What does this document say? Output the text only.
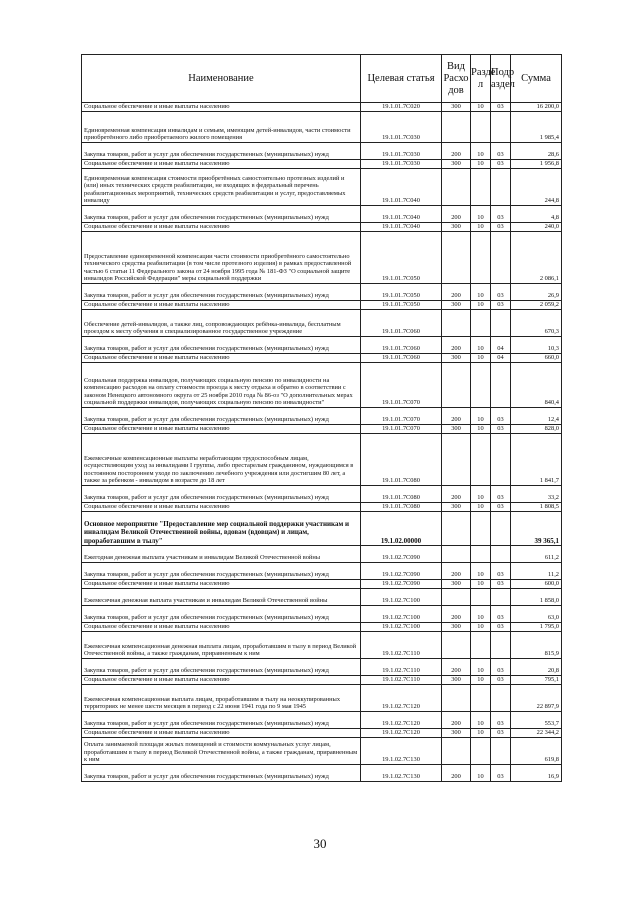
Наименование	Целевая статья	Вид Расхо дов	Разде л	Подр аздел	Сумма
Социальное обеспечение и иные выплаты населению	19.1.01.7С020	300	10	03	16 200,0
Единовременная компенсация инвалидам и семьям, имеющим детей-инвалидов, части стоимости приобретённого либо приобретаемого жилого помещения	19.1.01.7С030				1 985,4
Закупка товаров, работ и услуг для обеспечения государственных (муниципальных) нужд	19.1.01.7С030	200	10	03	28,6
Социальное обеспечение и иные выплаты населению	19.1.01.7С030	300	10	03	1 956,8
Единовременная компенсация стоимости приобретённых самостоятельно протезных изделий и (или) иных технических средств реабилитации, не входящих в федеральный перечень реабилитационных мероприятий, технических средств реабилитации и услуг, предоставляемых инвалиду	19.1.01.7С040				244,8
Закупка товаров, работ и услуг для обеспечения государственных (муниципальных) нужд	19.1.01.7С040	200	10	03	4,8
Социальное обеспечение и иные выплаты населению	19.1.01.7С040	300	10	03	240,0
Предоставление единовременной компенсации части стоимости приобретённого самостоятельно технического средства реабилитации (в том числе протезного изделия) в рамках предоставленной частью 6 статьи 11 Федерального закона от 24 ноября 1995 года № 181-ФЗ "О социальной защите инвалидов Российской Федерации" меры социальной поддержки	19.1.01.7С050				2 086,1
Закупка товаров, работ и услуг для обеспечения государственных (муниципальных) нужд	19.1.01.7С050	200	10	03	26,9
Социальное обеспечение и иные выплаты населению	19.1.01.7С050	300	10	03	2 059,2
Обеспечение детей-инвалидов, а также лиц, сопровождающих ребёнка-инвалида, бесплатным проездом к месту обучения в специализированное государственное учреждение	19.1.01.7С060				670,3
Закупка товаров, работ и услуг для обеспечения государственных (муниципальных) нужд	19.1.01.7С060	200	10	04	10,3
Социальное обеспечение и иные выплаты населению	19.1.01.7С060	300	10	04	660,0
Социальная поддержка инвалидов, получающих социальную пенсию по инвалидности на компенсацию расходов на оплату стоимости проезда к месту отдыха и обратно в соответствии с законом Ненецкого автономного округа от 25 ноября 2010 года № 86-оз "О дополнительных мерах социальной поддержки инвалидов, получающих социальную пенсию по инвалидности"	19.1.01.7С070				840,4
Закупка товаров, работ и услуг для обеспечения государственных (муниципальных) нужд	19.1.01.7С070	200	10	03	12,4
Социальное обеспечение и иные выплаты населению	19.1.01.7С070	300	10	03	828,0
Ежемесячные компенсационные выплаты неработающим трудоспособным лицам, осуществляющим уход за инвалидами I группы, либо престарелым гражданином, нуждающимся в постоянном постороннем уходе по заключению лечебного учреждения или достигшим 80 лет, а также за ребенком - инвалидом в возрасте до 18 лет	19.1.01.7С080				1 841,7
Закупка товаров, работ и услуг для обеспечения государственных (муниципальных) нужд	19.1.01.7С080	200	10	03	33,2
Социальное обеспечение и иные выплаты населению	19.1.01.7С080	300	10	03	1 808,5
Основное мероприятие "Предоставление мер социальной поддержки участникам и инвалидам Великой Отечественной войны, вдовам (вдовцам) и лицам, проработавшим в тылу"	19.1.02.00000				39 365,1
Ежегодная денежная выплата участникам и инвалидам Великой Отечественной войны	19.1.02.7С090				611,2
Закупка товаров, работ и услуг для обеспечения государственных (муниципальных) нужд	19.1.02.7С090	200	10	03	11,2
Социальное обеспечение и иные выплаты населению	19.1.02.7С090	300	10	03	600,0
Ежемесячная денежная выплата участникам и инвалидам Великой Отечественной войны	19.1.02.7С100				1 858,0
Закупка товаров, работ и услуг для обеспечения государственных (муниципальных) нужд	19.1.02.7С100	200	10	03	63,0
Социальное обеспечение и иные выплаты населению	19.1.02.7С100	300	10	03	1 795,0
Ежемесячная компенсационная денежная выплата лицам, проработавшим в тылу в период Великой Отечественной войны, а также гражданам, приравненным к ним	19.1.02.7С110				815,9
Закупка товаров, работ и услуг для обеспечения государственных (муниципальных) нужд	19.1.02.7С110	200	10	03	20,8
Социальное обеспечение и иные выплаты населению	19.1.02.7С110	300	10	03	795,1
Ежемесячная компенсационная выплата лицам, проработавшим в тылу на неоккупированных территориях не менее шести месяцев в период с 22 июня 1941 года по 9 мая 1945	19.1.02.7С120				22 897,9
Закупка товаров, работ и услуг для обеспечения государственных (муниципальных) нужд	19.1.02.7С120	200	10	03	553,7
Социальное обеспечение и иные выплаты населению	19.1.02.7С120	300	10	03	22 344,2
Оплата занимаемой площади жилых помещений и стоимости коммунальных услуг лицам, проработавшим в тылу в период Великой Отечественной войны, а также гражданам, приравненным к ним	19.1.02.7С130				619,8
Закупка товаров, работ и услуг для обеспечения государственных (муниципальных) нужд	19.1.02.7С130	200	10	03	16,9
30
